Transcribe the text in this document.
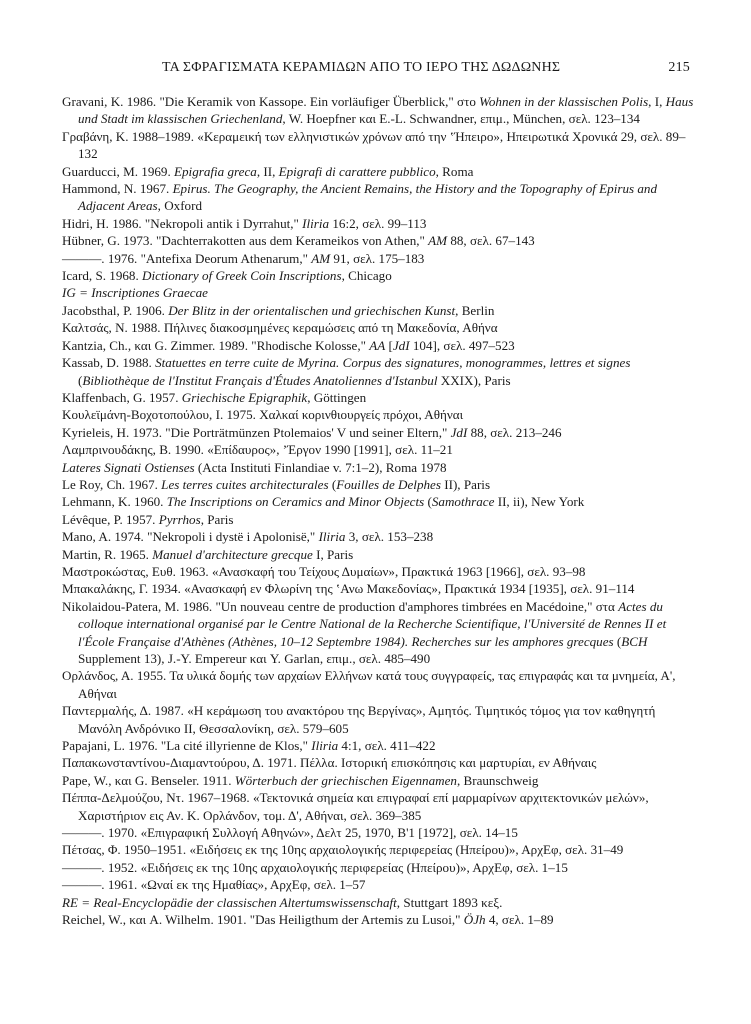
ΤΑ ΣΦΡΑΓΙΣΜΑΤΑ ΚΕΡΑΜΙΔΩΝ ΑΠΟ ΤΟ ΙΕΡΟ ΤΗΣ ΔΩΔΩΝΗΣ	215

Gravani, K. 1986. "Die Keramik von Kassope. Ein vorläufiger Überblick," στο Wohnen in der klassischen Polis, I, Haus und Stadt im klassischen Griechenland, W. Hoepfner και E.-L. Schwandner, επιμ., München, σελ. 123–134

Γραβάνη, Κ. 1988–1989. «Κεραμεική των ελληνιστικών χρόνων από την ʽΉπειρο», Ηπειρωτικά Χρονικά 29, σελ. 89–132

Guarducci, M. 1969. Epigrafia greca, II, Epigrafi di carattere pubblico, Roma

Hammond, N. 1967. Epirus. The Geography, the Ancient Remains, the History and the Topography of Epirus and Adjacent Areas, Oxford

Hidri, H. 1986. "Nekropoli antik i Dyrrahut," Iliria 16:2, σελ. 99–113

Hübner, G. 1973. "Dachterrakotten aus dem Kerameikos von Athen," AM 88, σελ. 67–143

———. 1976. "Antefixa Deorum Athenarum," AM 91, σελ. 175–183

Icard, S. 1968. Dictionary of Greek Coin Inscriptions, Chicago

IG = Inscriptiones Graecae

Jacobsthal, P. 1906. Der Blitz in der orientalischen und griechischen Kunst, Berlin

Καλτσάς, Ν. 1988. Πήλινες διακοσμημένες κεραμώσεις από τη Μακεδονία, Αθήνα

Kantzia, Ch., και G. Zimmer. 1989. "Rhodische Kolosse," AA [JdI 104], σελ. 497–523

Kassab, D. 1988. Statuettes en terre cuite de Myrina. Corpus des signatures, monogrammes, lettres et signes (Bibliothèque de l'Institut Français d'Études Anatoliennes d'Istanbul XXIX), Paris

Klaffenbach, G. 1957. Griechische Epigraphik, Göttingen

Κουλεϊμάνη-Βοχοτοπούλου, Ι. 1975. Χαλκαί κορινθιουργείς πρόχοι, Αθήναι

Kyrieleis, H. 1973. "Die Porträtmünzen Ptolemaios' V und seiner Eltern," JdI 88, σελ. 213–246

Λαμπρινουδάκης, Β. 1990. «Επίδαυρος», ʼΈργον 1990 [1991], σελ. 11–21

Lateres Signati Ostienses (Acta Instituti Finlandiae v. 7:1–2), Roma 1978

Le Roy, Ch. 1967. Les terres cuites architecturales (Fouilles de Delphes II), Paris

Lehmann, K. 1960. The Inscriptions on Ceramics and Minor Objects (Samothrace II, ii), New York

Lévêque, P. 1957. Pyrrhos, Paris

Mano, A. 1974. "Nekropoli i dystë i Apolonisë," Iliria 3, σελ. 153–238

Martin, R. 1965. Manuel d'architecture grecque I, Paris

Μαστροκώστας, Ευθ. 1963. «Ανασκαφή του Τείχους Δυμαίων», Πρακτικά 1963 [1966], σελ. 93–98

Μπακαλάκης, Γ. 1934. «Ανασκαφή εν Φλωρίνη της ʽΑνω Μακεδονίας», Πρακτικά 1934 [1935], σελ. 91–114

Nikolaidou-Patera, M. 1986. "Un nouveau centre de production d'amphores timbrées en Macédoine," στα Actes du colloque international organisé par le Centre National de la Recherche Scientifique, l'Université de Rennes II et l'École Française d'Athènes (Athènes, 10–12 Septembre 1984). Recherches sur les amphores grecques (BCH Supplement 13), J.-Y. Empereur και Y. Garlan, επιμ., σελ. 485–490

Ορλάνδος, Α. 1955. Τα υλικά δομής των αρχαίων Ελλήνων κατά τους συγγραφείς, τας επιγραφάς και τα μνημεία, Α', Αθήναι

Παντερμαλής, Δ. 1987. «Η κεράμωση του ανακτόρου της Βεργίνας», Αμητός. Τιμητικός τόμος για τον καθηγητή Μανόλη Ανδρόνικο ΙΙ, Θεσσαλονίκη, σελ. 579–605

Papajani, L. 1976. "La cité illyrienne de Klos," Iliria 4:1, σελ. 411–422

Παπακωνσταντίνου-Διαμαντούρου, Δ. 1971. Πέλλα. Ιστορική επισκόπησις και μαρτυρίαι, εν Αθήναις

Pape, W., και G. Benseler. 1911. Wörterbuch der griechischen Eigennamen, Braunschweig

Πέππα-Δελμούζου, Ντ. 1967–1968. «Τεκτονικά σημεία και επιγραφαί επί μαρμαρίνων αρχιτεκτονικών μελών», Χαριστήριον εις Αν. Κ. Ορλάνδον, τομ. Δ', Αθήναι, σελ. 369–385

———. 1970. «Επιγραφική Συλλογή Αθηνών», Δελτ 25, 1970, Β'1 [1972], σελ. 14–15

Πέτσας, Φ. 1950–1951. «Ειδήσεις εκ της 10ης αρχαιολογικής περιφερείας (Ηπείρου)», ΑρχΕφ, σελ. 31–49

———. 1952. «Ειδήσεις εκ της 10ης αρχαιολογικής περιφερείας (Ηπείρου)», ΑρχΕφ, σελ. 1–15

———. 1961. «Ωναί εκ της Ημαθίας», ΑρχΕφ, σελ. 1–57

RE = Real-Encyclopädie der classischen Altertumswissenschaft, Stuttgart 1893 κεξ.

Reichel, W., και A. Wilhelm. 1901. "Das Heiligthum der Artemis zu Lusoi," ÖJh 4, σελ. 1–89
